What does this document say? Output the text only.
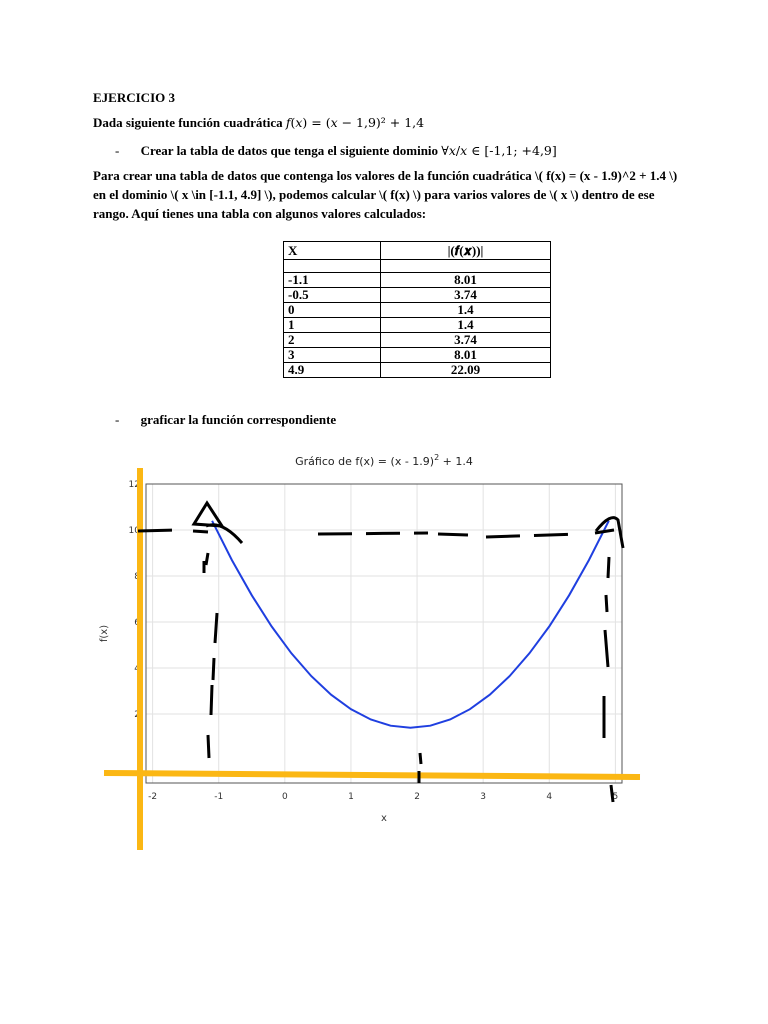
EJERCICIO 3
Dada siguiente función cuadrática 𝑓(𝑥) = (𝑥 − 1,9)² + 1,4
- Crear la tabla de datos que tenga el siguiente dominio ∀𝑥/𝑥 ∈ [-1,1; +4,9]
Para crear una tabla de datos que contenga los valores de la función cuadrática \( f(x) = (x - 1.9)^2 + 1.4 \) en el dominio \( x \in [-1.1, 4.9] \), podemos calcular \( f(x) \) para varios valores de \( x \) dentro de ese rango. Aquí tienes una tabla con algunos valores calculados:
X	|(𝒇(𝒙))|

-1.1	8.01
-0.5	3.74
0	1.4
1	1.4
2	3.74
3	8.01
4.9	22.09
- graficar la función correspondiente
Gráfico de f(x) = (x - 1.9)$^2$ + 1.4
-2	-1	0	1	2	3	4	5
2
4
6
8
10
12
x
f(x)
